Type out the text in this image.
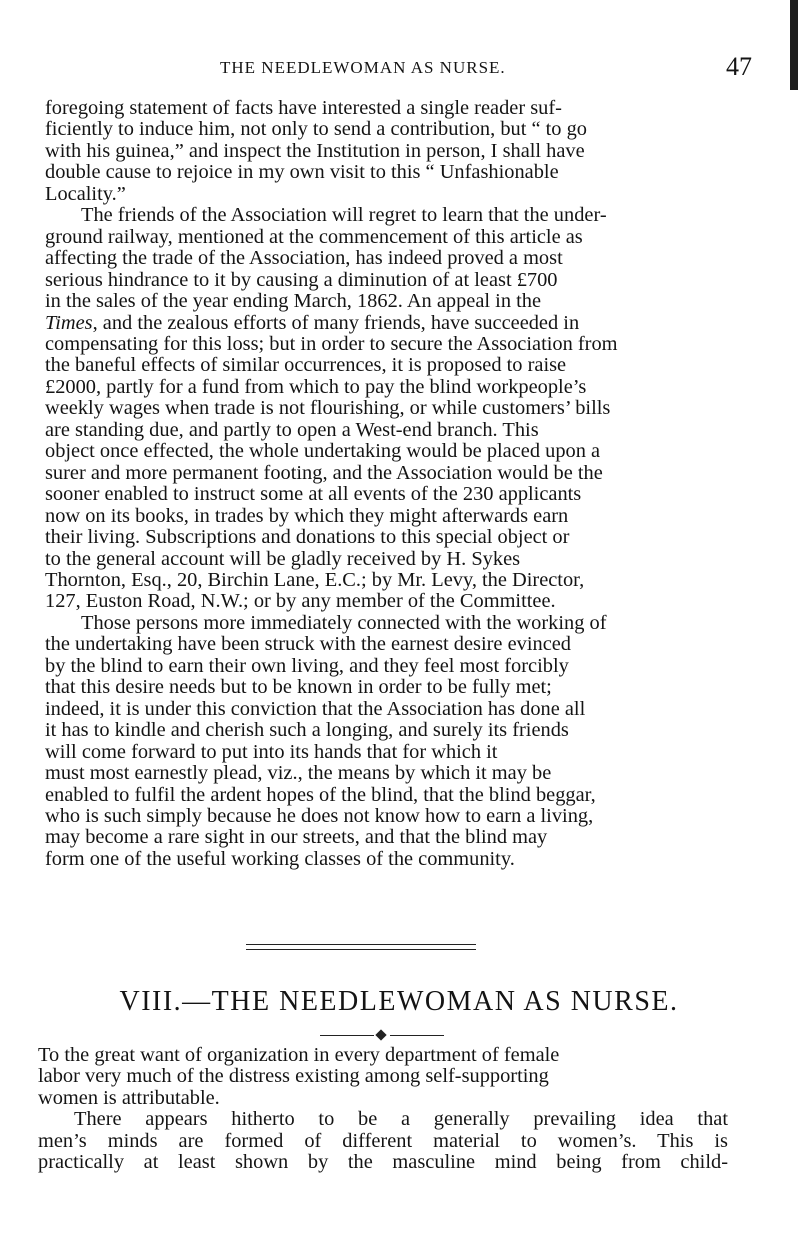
THE NEEDLEWOMAN AS NURSE.	47

foregoing statement of facts have interested a single reader suf-
ficiently to induce him, not only to send a contribution, but “ to go
with his guinea,” and inspect the Institution in person, I shall have
double cause to rejoice in my own visit to this “ Unfashionable
Locality.”

The friends of the Association will regret to learn that the under-
ground railway, mentioned at the commencement of this article as
affecting the trade of the Association, has indeed proved a most
serious hindrance to it by causing a diminution of at least £700
in the sales of the year ending March, 1862. An appeal in the
Times, and the zealous efforts of many friends, have succeeded in
compensating for this loss; but in order to secure the Association from
the baneful effects of similar occurrences, it is proposed to raise
£2000, partly for a fund from which to pay the blind workpeople’s
weekly wages when trade is not flourishing, or while customers’ bills
are standing due, and partly to open a West-end branch. This
object once effected, the whole undertaking would be placed upon a
surer and more permanent footing, and the Association would be the
sooner enabled to instruct some at all events of the 230 applicants
now on its books, in trades by which they might afterwards earn
their living. Subscriptions and donations to this special object or
to the general account will be gladly received by H. Sykes
Thornton, Esq., 20, Birchin Lane, E.C.; by Mr. Levy, the Director,
127, Euston Road, N.W.; or by any member of the Committee.

Those persons more immediately connected with the working of
the undertaking have been struck with the earnest desire evinced
by the blind to earn their own living, and they feel most forcibly
that this desire needs but to be known in order to be fully met;
indeed, it is under this conviction that the Association has done all
it has to kindle and cherish such a longing, and surely its friends
will come forward to put into its hands that for which it
must most earnestly plead, viz., the means by which it may be
enabled to fulfil the ardent hopes of the blind, that the blind beggar,
who is such simply because he does not know how to earn a living,
may become a rare sight in our streets, and that the blind may
form one of the useful working classes of the community.

VIII.—THE NEEDLEWOMAN AS NURSE.

To the great want of organization in every department of female
labor very much of the distress existing among self-supporting
women is attributable.

There appears hitherto to be a generally prevailing idea that
men’s minds are formed of different material to women’s. This is
practically at least shown by the masculine mind being from child-
